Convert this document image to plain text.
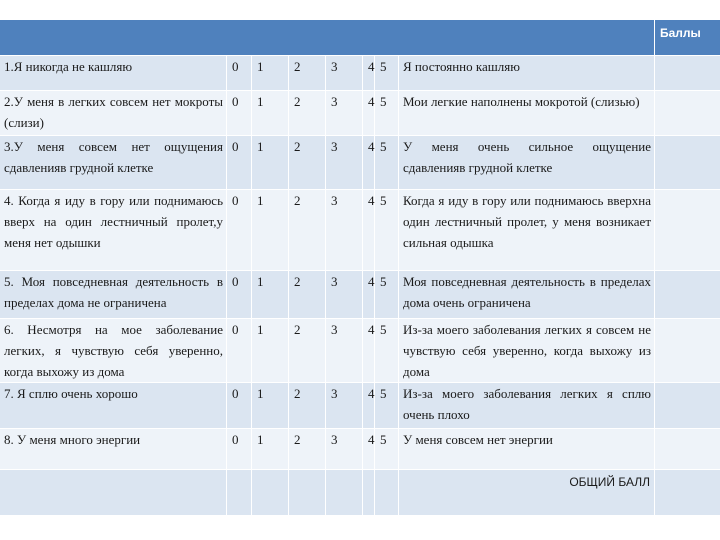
								Баллы
1.Я никогда не кашляю	0	1	2	3	4	5	Я постоянно кашляю	
2.У меня в легких совсем нет мокроты (слизи)	0	1	2	3	4	5	Мои легкие наполнены мокротой (слизью)	
3.У меня совсем нет ощущения сдавленияв грудной клетке	0	1	2	3	4	5	У меня очень сильное ощущение сдавленияв грудной клетке	
4. Когда я иду в гору или поднимаюсь вверх на один лестничный пролет,у меня нет одышки	0	1	2	3	4	5	Когда я иду в гору или поднимаюсь вверхна один лестничный пролет, у меня возникает сильная одышка	
5. Моя повседневная деятельность в пределах дома не ограничена	0	1	2	3	4	5	Моя повседневная деятельность в пределах дома очень ограничена	
6. Несмотря на мое заболевание легких, я чувствую себя уверенно, когда выхожу из дома	0	1	2	3	4	5	Из-за моего заболевания легких я совсем не чувствую себя уверенно, когда выхожу из дома	
7. Я сплю очень хорошо	0	1	2	3	4	5	Из-за моего заболевания легких я сплю очень плохо	
8. У меня много энергии	0	1	2	3	4	5	У меня совсем нет энергии	
							ОБЩИЙ БАЛЛ	
